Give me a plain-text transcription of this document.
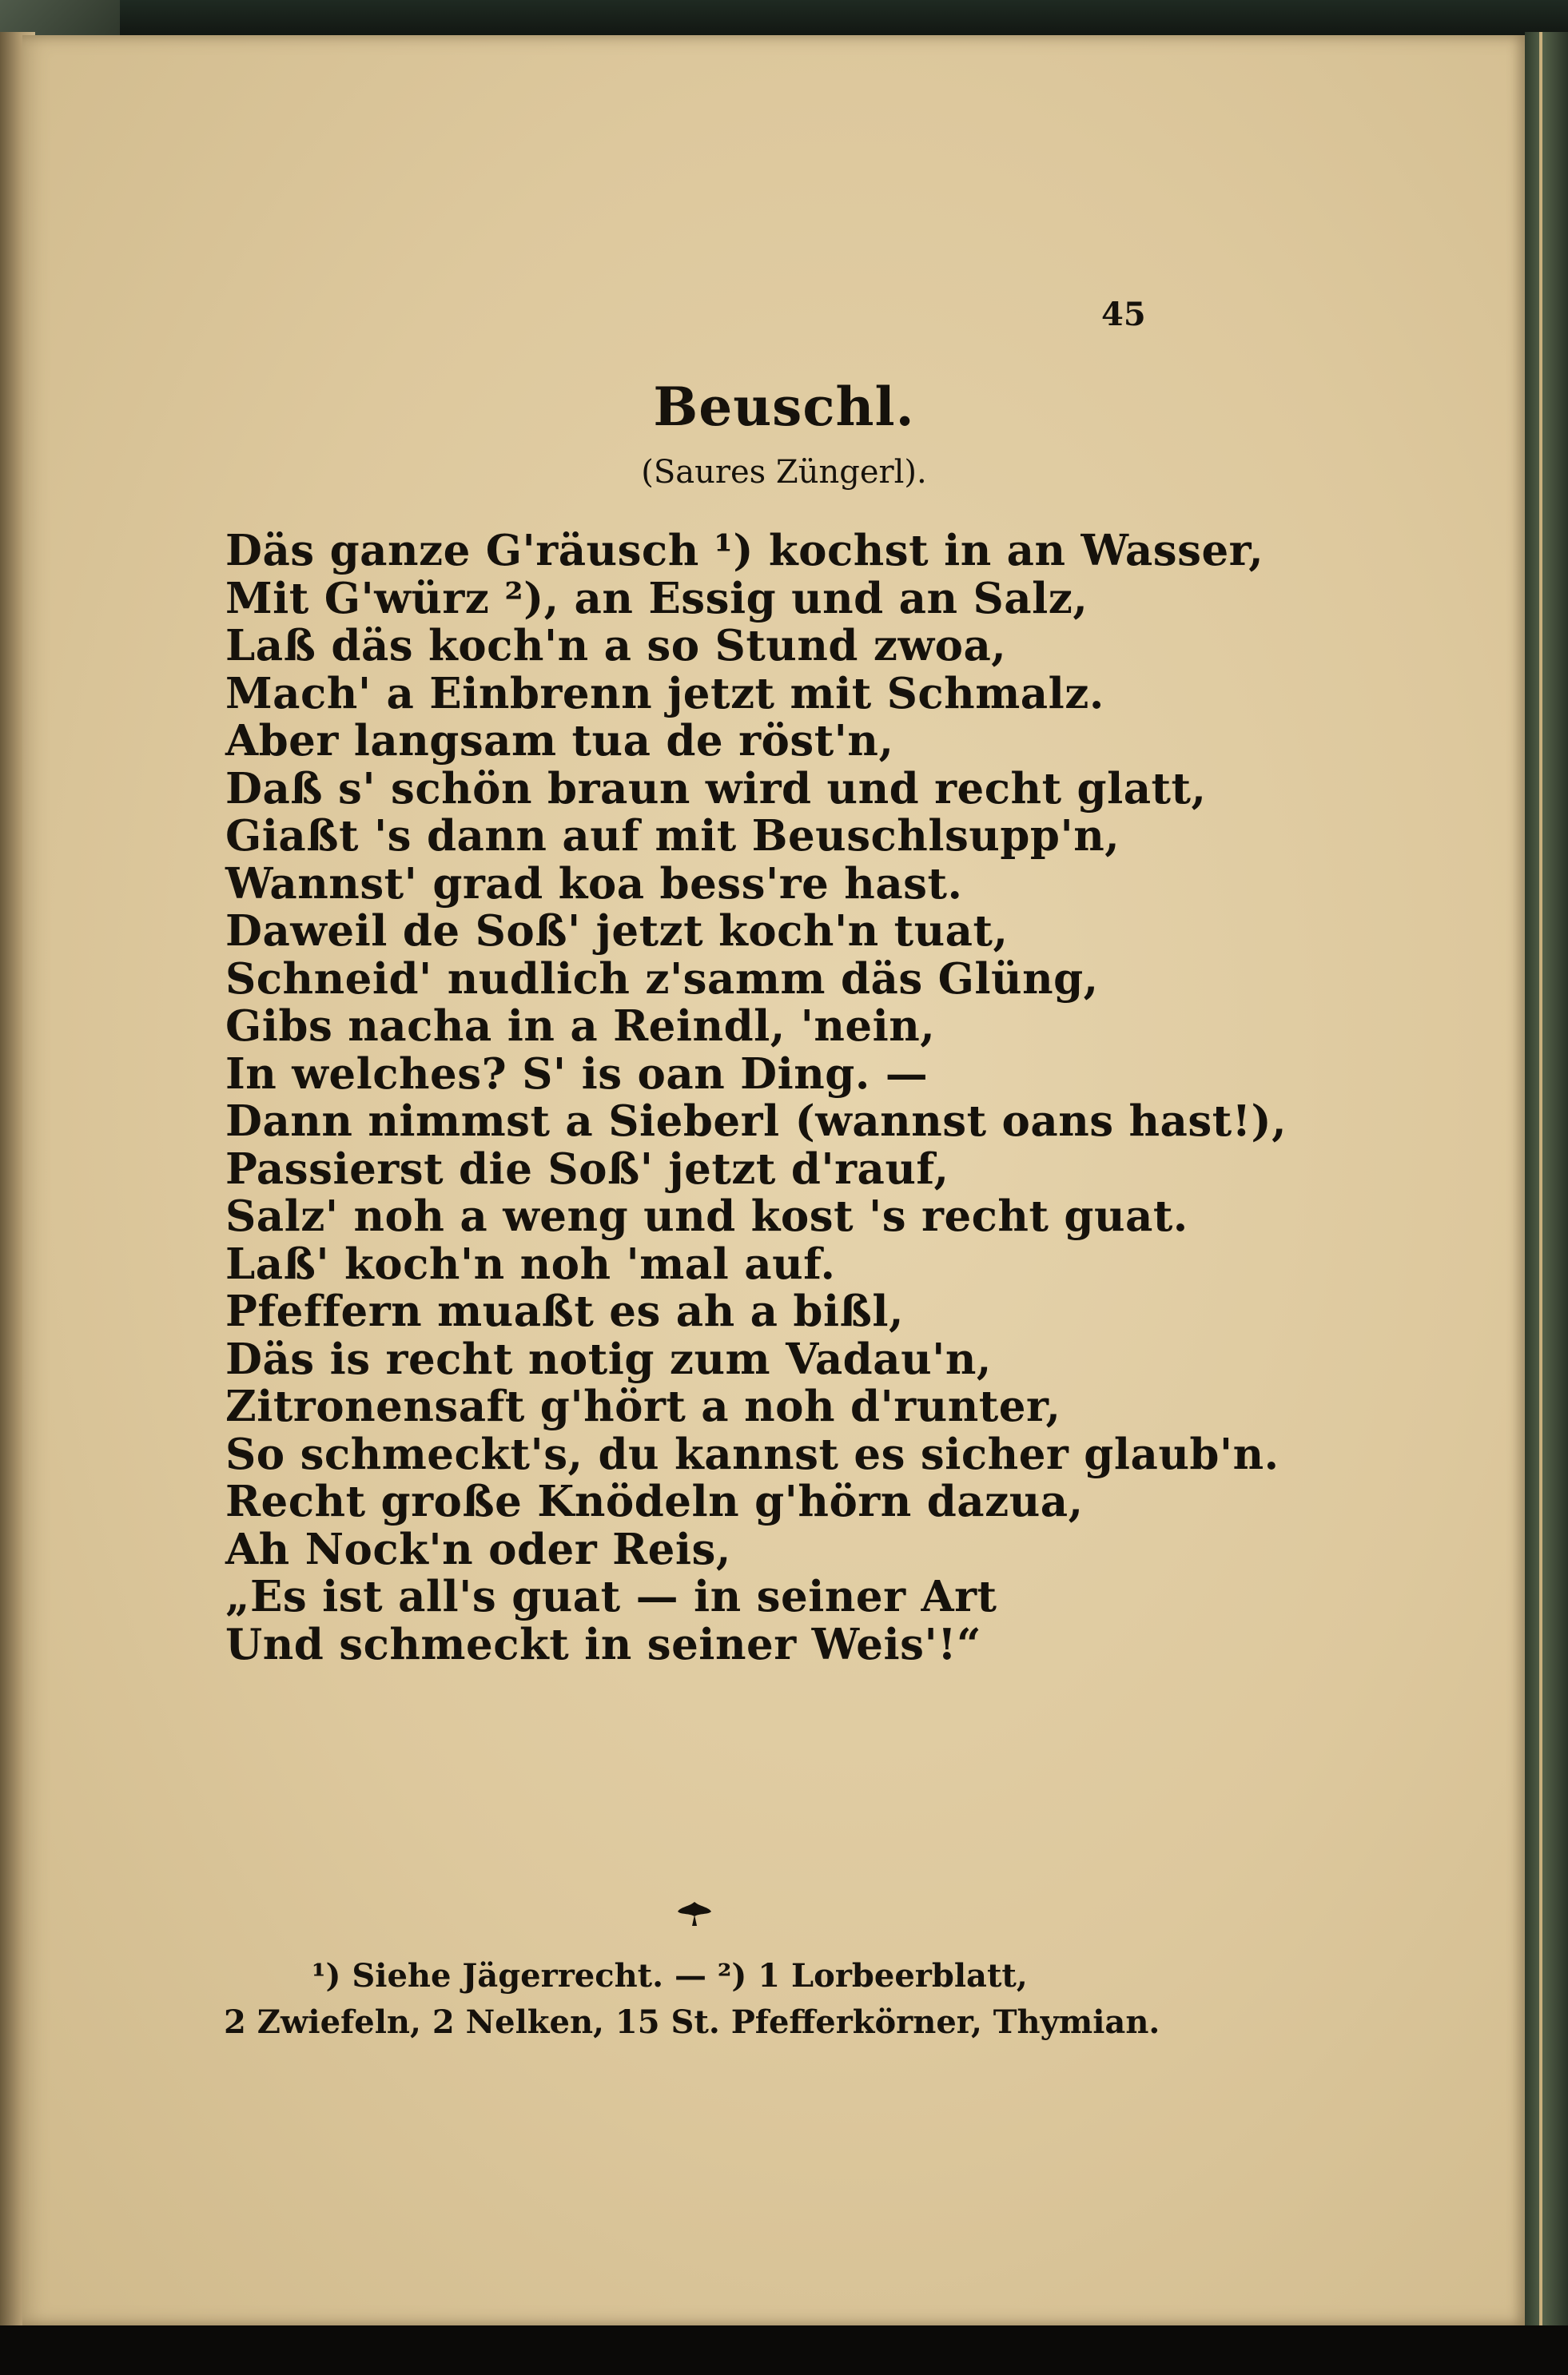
45
Beuschl.
(Saures Züngerl).
Däs ganze G'räusch ¹) kochst in an Wasser,
Mit G'würz ²), an Essig und an Salz,
Laß däs koch'n a so Stund zwoa,
Mach' a Einbrenn jetzt mit Schmalz.
Aber langsam tua de röst'n,
Daß s' schön braun wird und recht glatt,
Giaßt 's dann auf mit Beuschlsupp'n,
Wannst' grad koa bess're hast.
Daweil de Soß' jetzt koch'n tuat,
Schneid' nudlich z'samm däs Glüng,
Gibs nacha in a Reindl, 'nein,
In welches? S' is oan Ding. —
Dann nimmst a Sieberl (wannst oans hast!),
Passierst die Soß' jetzt d'rauf,
Salz' noh a weng und kost 's recht guat.
Laß' koch'n noh 'mal auf.
Pfeffern muaßt es ah a bißl,
Däs is recht notig zum Vadau'n,
Zitronensaft g'hört a noh d'runter,
So schmeckt's, du kannst es sicher glaub'n.
Recht große Knödeln g'hörn dazua,
Ah Nock'n oder Reis,
„Es ist all's guat — in seiner Art
Und schmeckt in seiner Weis'!“
¹) Siehe Jägerrecht. — ²) 1 Lorbeerblatt,
2 Zwiefeln, 2 Nelken, 15 St. Pfefferkörner, Thymian.
